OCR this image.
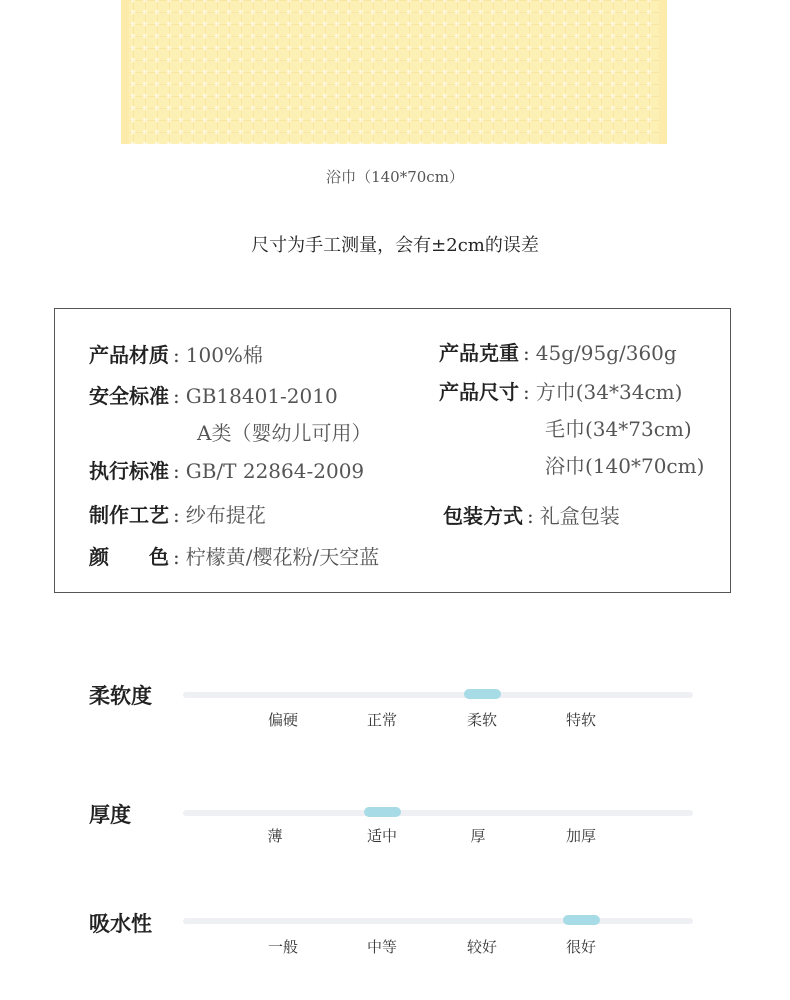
浴巾（140*70cm）
尺寸为手工测量，会有±2cm的误差
产品材质 : 100%棉
安全标准 : GB18401-2010
A类（婴幼儿可用）
执行标准 : GB/T 22864-2009
制作工艺 : 纱布提花
颜　　色 : 柠檬黄/樱花粉/天空蓝
产品克重 : 45g/95g/360g
产品尺寸 : 方巾(34*34cm)
毛巾(34*73cm)
浴巾(140*70cm)
包装方式 : 礼盒包装
柔软度
偏硬	正常	柔软	特软
厚度
薄	适中	厚	加厚
吸水性
一般	中等	较好	很好
